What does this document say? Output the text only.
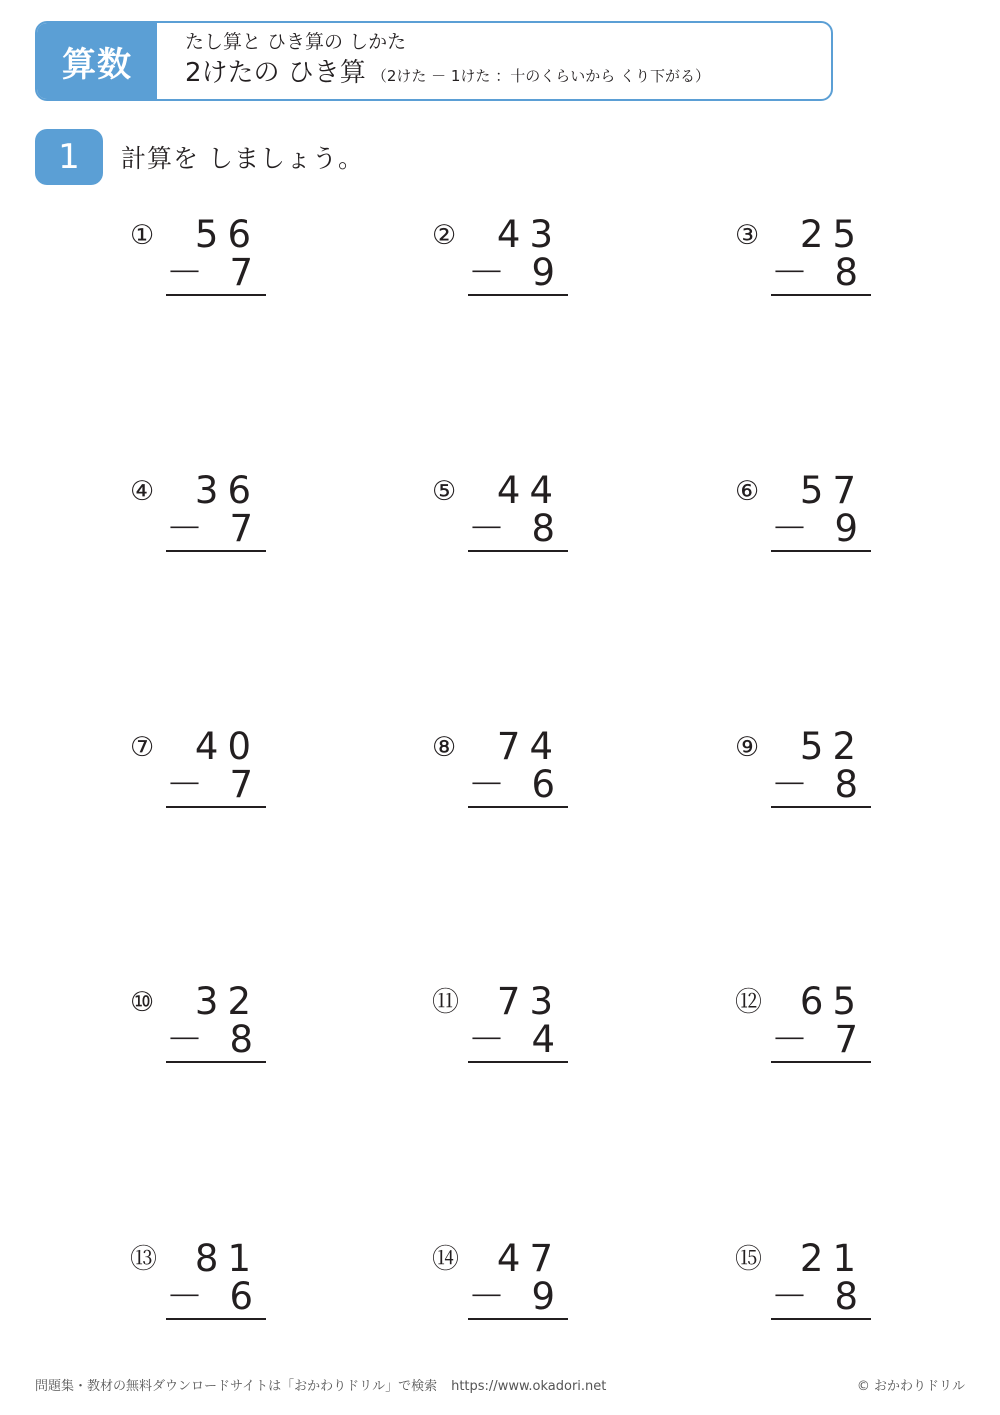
算数
たし算と ひき算の しかた
2けたの ひき算 （2けた － 1けた ：十のくらいから くり下がる）
1	計算を しましょう。
① 56
－ 7
② 43
－ 9
③ 25
－ 8
④ 36
－ 7
⑤ 44
－ 8
⑥ 57
－ 9
⑦ 40
－ 7
⑧ 74
－ 6
⑨ 52
－ 8
⑩ 32
－ 8
⑪ 73
－ 4
⑫ 65
－ 7
⑬ 81
－ 6
⑭ 47
－ 9
⑮ 21
－ 8
問題集・教材の無料ダウンロードサイトは「おかわりドリル」で検索 https://www.okadori.net	© おかわりドリル
